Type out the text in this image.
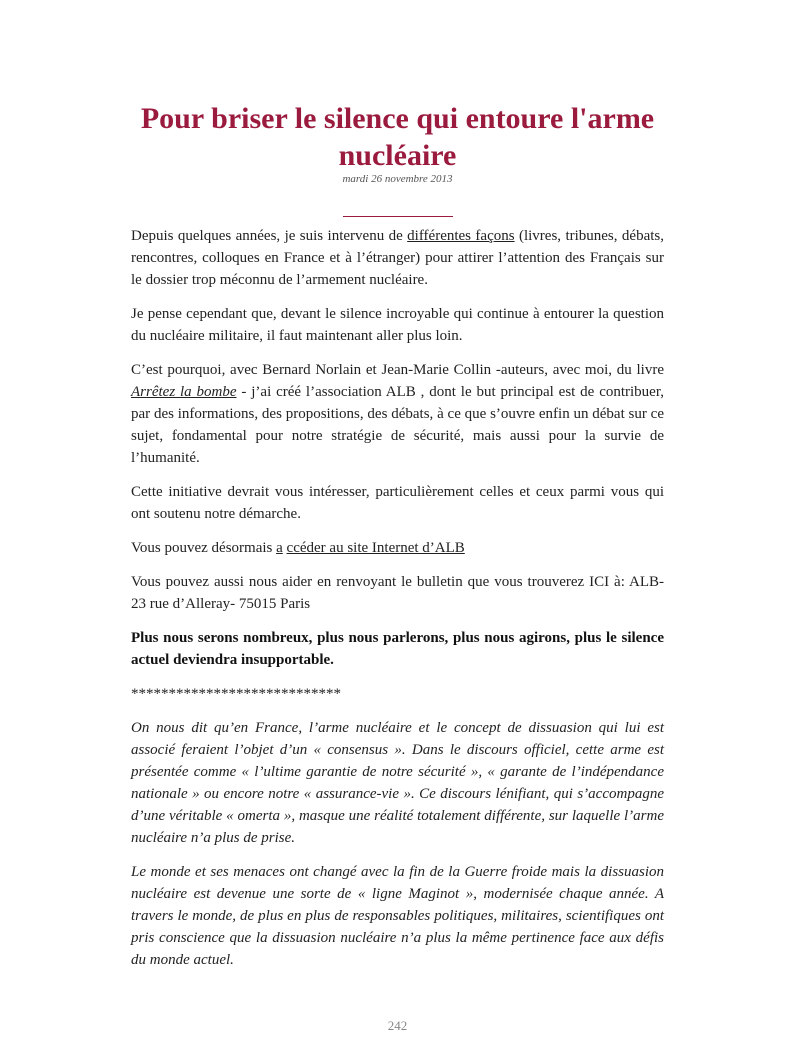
Pour briser le silence qui entoure l'arme nucléaire
mardi 26 novembre 2013

Depuis quelques années, je suis intervenu de différentes façons (livres, tribunes, débats, rencontres, colloques en France et à l’étranger) pour attirer l’attention des Français sur le dossier trop méconnu de l’armement nucléaire.

Je pense cependant que, devant le silence incroyable qui continue à entourer la question du nucléaire militaire, il faut maintenant aller plus loin.

C’est pourquoi, avec Bernard Norlain et Jean-Marie Collin -auteurs, avec moi, du livre Arrêtez la bombe - j’ai créé l’association ALB , dont le but principal est de contribuer, par des informations, des propositions, des débats, à ce que s’ouvre enfin un débat sur ce sujet, fondamental pour notre stratégie de sécurité, mais aussi pour la survie de l’humanité.

Cette initiative devrait vous intéresser, particulièrement celles et ceux parmi vous qui ont soutenu notre démarche.

Vous pouvez désormais a ccéder au site Internet d’ALB

Vous pouvez aussi nous aider en renvoyant le bulletin que vous trouverez ICI à: ALB- 23 rue d’Alleray- 75015 Paris

Plus nous serons nombreux, plus nous parlerons, plus nous agirons, plus le silence actuel deviendra insupportable.

****************************

On nous dit qu’en France, l’arme nucléaire et le concept de dissuasion qui lui est associé feraient l’objet d’un « consensus ». Dans le discours officiel, cette arme est présentée comme « l’ultime garantie de notre sécurité », « garante de l’indépendance nationale » ou encore notre « assurance-vie ». Ce discours lénifiant, qui s’accompagne d’une véritable « omerta », masque une réalité totalement différente, sur laquelle l’arme nucléaire n’a plus de prise.

Le monde et ses menaces ont changé avec la fin de la Guerre froide mais la dissuasion nucléaire est devenue une sorte de « ligne Maginot », modernisée chaque année. A travers le monde, de plus en plus de responsables politiques, militaires, scientifiques ont pris conscience que la dissuasion nucléaire n’a plus la même pertinence face aux défis du monde actuel.

242
